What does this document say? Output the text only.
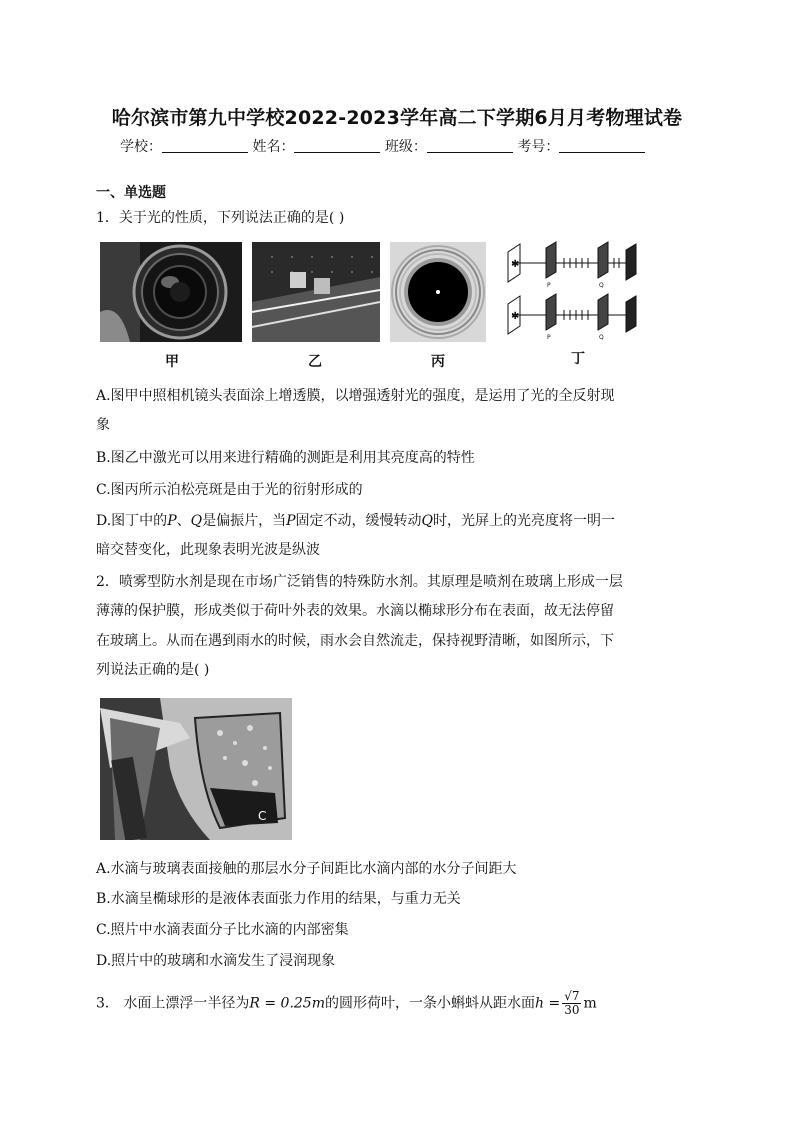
哈尔滨市第九中学校2022-2023学年高二下学期6月月考物理试卷
学校：	姓名：	班级：	考号：
一、单选题
1．关于光的性质，下列说法正确的是( )
甲	乙	丙
✱
✱
P	Q
P	Q
丁
A.图甲中照相机镜头表面涂上增透膜，以增强透射光的强度，是运用了光的全反射现
象
B.图乙中激光可以用来进行精确的测距是利用其亮度高的特性
C.图丙所示泊松亮斑是由于光的衍射形成的
D.图丁中的P、Q是偏振片，当P固定不动，缓慢转动Q时，光屏上的光亮度将一明一
暗交替变化，此现象表明光波是纵波
2．喷雾型防水剂是现在市场广泛销售的特殊防水剂。其原理是喷剂在玻璃上形成一层
薄薄的保护膜，形成类似于荷叶外表的效果。水滴以椭球形分布在表面，故无法停留
在玻璃上。从而在遇到雨水的时候，雨水会自然流走，保持视野清晰，如图所示，下
列说法正确的是( )
C
A.水滴与玻璃表面接触的那层水分子间距比水滴内部的水分子间距大
B.水滴呈椭球形的是液体表面张力作用的结果，与重力无关
C.照片中水滴表面分子比水滴的内部密集
D.照片中的玻璃和水滴发生了浸润现象
3． 水面上漂浮一半径为R = 0.25m的圆形荷叶，一条小蝌蚪从距水面$h = \frac{√7}{30}$ m
